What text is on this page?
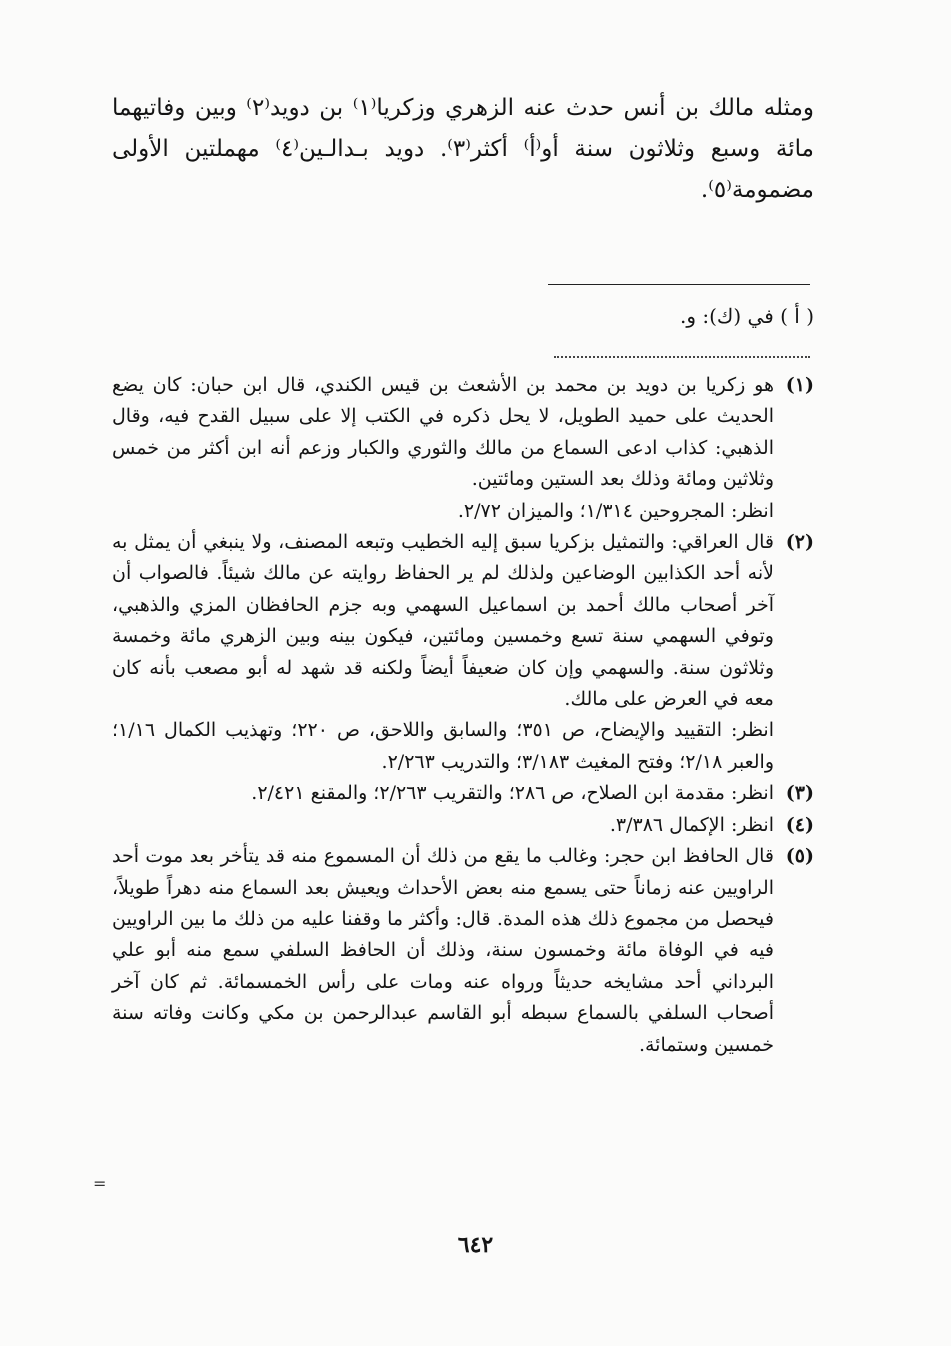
ومثله مالك بن أنس حدث عنه الزهري وزكريا⁽١⁾ بن دويد⁽٢⁾ وبين وفاتيهما مائة وسبع وثلاثون سنة أو⁽أ⁾ أكثر⁽٣⁾. دويد بـدالـين⁽٤⁾ مهملتين الأولى مضمومة⁽٥⁾.
( أ ) في (ك): و.
(١)

هو زكريا بن دويد بن محمد بن الأشعث بن قيس الكندي، قال ابن حبان: كان يضع الحديث على حميد الطويل، لا يحل ذكره في الكتب إلا على سبيل القدح فيه، وقال الذهبي: كذاب ادعى السماع من مالك والثوري والكبار وزعم أنه ابن أكثر من خمس وثلاثين ومائة وذلك بعد الستين ومائتين.

انظر: المجروحين ١/٣١٤؛ والميزان ٢/٧٢.

(٢)

قال العراقي: والتمثيل بزكريا سبق إليه الخطيب وتبعه المصنف، ولا ينبغي أن يمثل به لأنه أحد الكذابين الوضاعين ولذلك لم ير الحفاظ روايته عن مالك شيئاً. فالصواب أن آخر أصحاب مالك أحمد بن اسماعيل السهمي وبه جزم الحافظان المزي والذهبي، وتوفي السهمي سنة تسع وخمسين ومائتين، فيكون بينه وبين الزهري مائة وخمسة وثلاثون سنة. والسهمي وإن كان ضعيفاً أيضاً ولكنه قد شهد له أبو مصعب بأنه كان معه في العرض على مالك.

انظر: التقييد والإيضاح، ص ٣٥١؛ والسابق واللاحق، ص ٢٢٠؛ وتهذيب الكمال ١/١٦؛ والعبر ٢/١٨؛ وفتح المغيث ٣/١٨٣؛ والتدريب ٢/٢٦٣.

(٣)

انظر: مقدمة ابن الصلاح، ص ٢٨٦؛ والتقريب ٢/٢٦٣؛ والمقنع ٢/٤٢١.

(٤)

انظر: الإكمال ٣/٣٨٦.

(٥)

قال الحافظ ابن حجر: وغالب ما يقع من ذلك أن المسموع منه قد يتأخر بعد موت أحد الراويين عنه زماناً حتى يسمع منه بعض الأحداث ويعيش بعد السماع منه دهراً طويلاً، فيحصل من مجموع ذلك هذه المدة. قال: وأكثر ما وقفنا عليه من ذلك ما بين الراويين فيه في الوفاة مائة وخمسون سنة، وذلك أن الحافظ السلفي سمع منه أبو علي البرداني أحد مشايخه حديثاً ورواه عنه ومات على رأس الخمسمائة. ثم كان آخر أصحاب السلفي بالسماع سبطه أبو القاسم عبدالرحمن بن مكي وكانت وفاته سنة خمسين وستمائة.

=
٦٤٢
